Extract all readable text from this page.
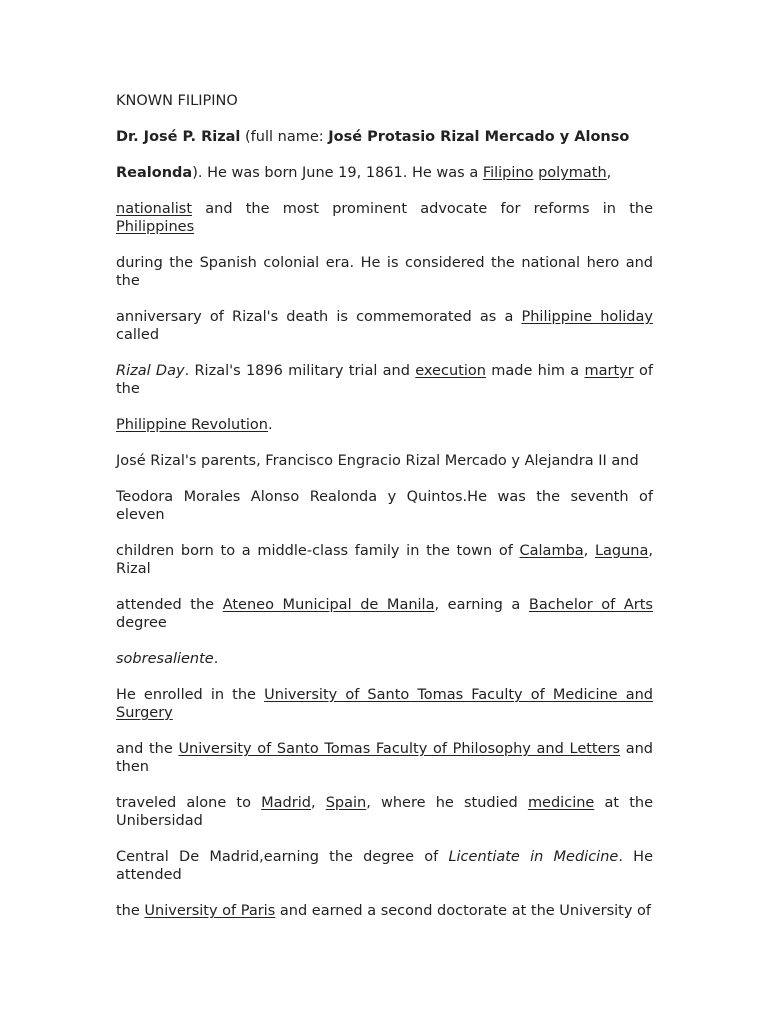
KNOWN FILIPINO

Dr. José P. Rizal (full name: José Protasio Rizal Mercado y Alonso

Realonda). He was born June 19, 1861. He was a Filipino polymath,

nationalist and the most prominent advocate for reforms in the Philippines

during the Spanish colonial era. He is considered the national hero and the

anniversary of Rizal's death is commemorated as a Philippine holiday called

Rizal Day. Rizal's 1896 military trial and execution made him a martyr of the

Philippine Revolution.

José Rizal's parents, Francisco Engracio Rizal Mercado y Alejandra II and

Teodora Morales Alonso Realonda y Quintos.He was the seventh of eleven

children born to a middle-class family in the town of Calamba, Laguna, Rizal

attended the Ateneo Municipal de Manila, earning a Bachelor of Arts degree

sobresaliente.

He enrolled in the University of Santo Tomas Faculty of Medicine and Surgery

and the University of Santo Tomas Faculty of Philosophy and Letters and then

traveled alone to Madrid, Spain, where he studied medicine at the Unibersidad

Central De Madrid,earning the degree of Licentiate in Medicine. He attended

the University of Paris and earned a second doctorate at the University of
